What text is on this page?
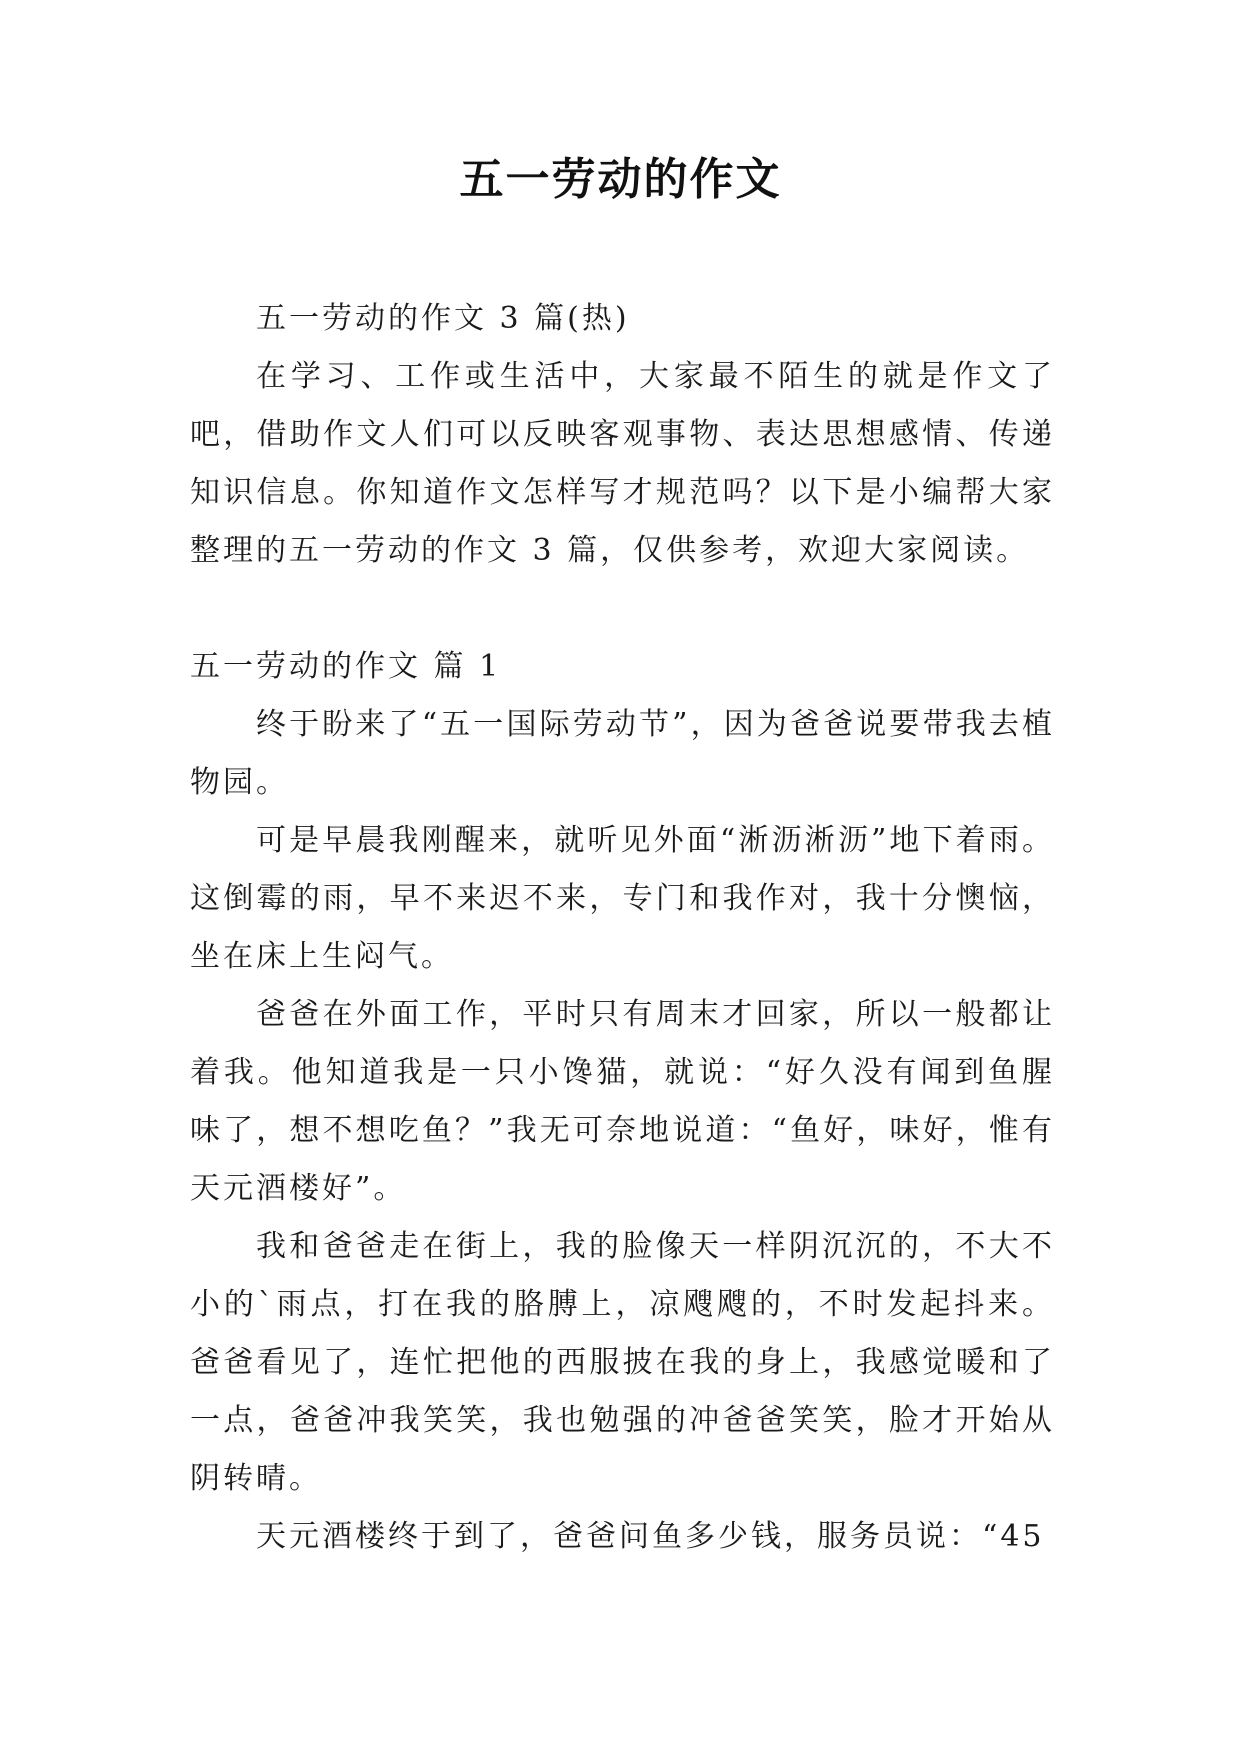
五一劳动的作文
五一劳动的作文 3 篇(热)

在学习、工作或生活中，大家最不陌生的就是作文了吧，借助作文人们可以反映客观事物、表达思想感情、传递知识信息。你知道作文怎样写才规范吗？以下是小编帮大家整理的五一劳动的作文 3 篇，仅供参考，欢迎大家阅读。

五一劳动的作文 篇 1

终于盼来了“五一国际劳动节”，因为爸爸说要带我去植物园。

可是早晨我刚醒来，就听见外面“淅沥淅沥”地下着雨。这倒霉的雨，早不来迟不来，专门和我作对，我十分懊恼，坐在床上生闷气。

爸爸在外面工作，平时只有周末才回家，所以一般都让着我。他知道我是一只小馋猫，就说：“好久没有闻到鱼腥味了，想不想吃鱼？”我无可奈地说道：“鱼好，味好，惟有天元酒楼好”。

我和爸爸走在街上，我的脸像天一样阴沉沉的，不大不小的`雨点，打在我的胳膊上，凉飕飕的，不时发起抖来。爸爸看见了，连忙把他的西服披在我的身上，我感觉暖和了一点，爸爸冲我笑笑，我也勉强的冲爸爸笑笑，脸才开始从阴转晴。

天元酒楼终于到了，爸爸问鱼多少钱，服务员说：“45
